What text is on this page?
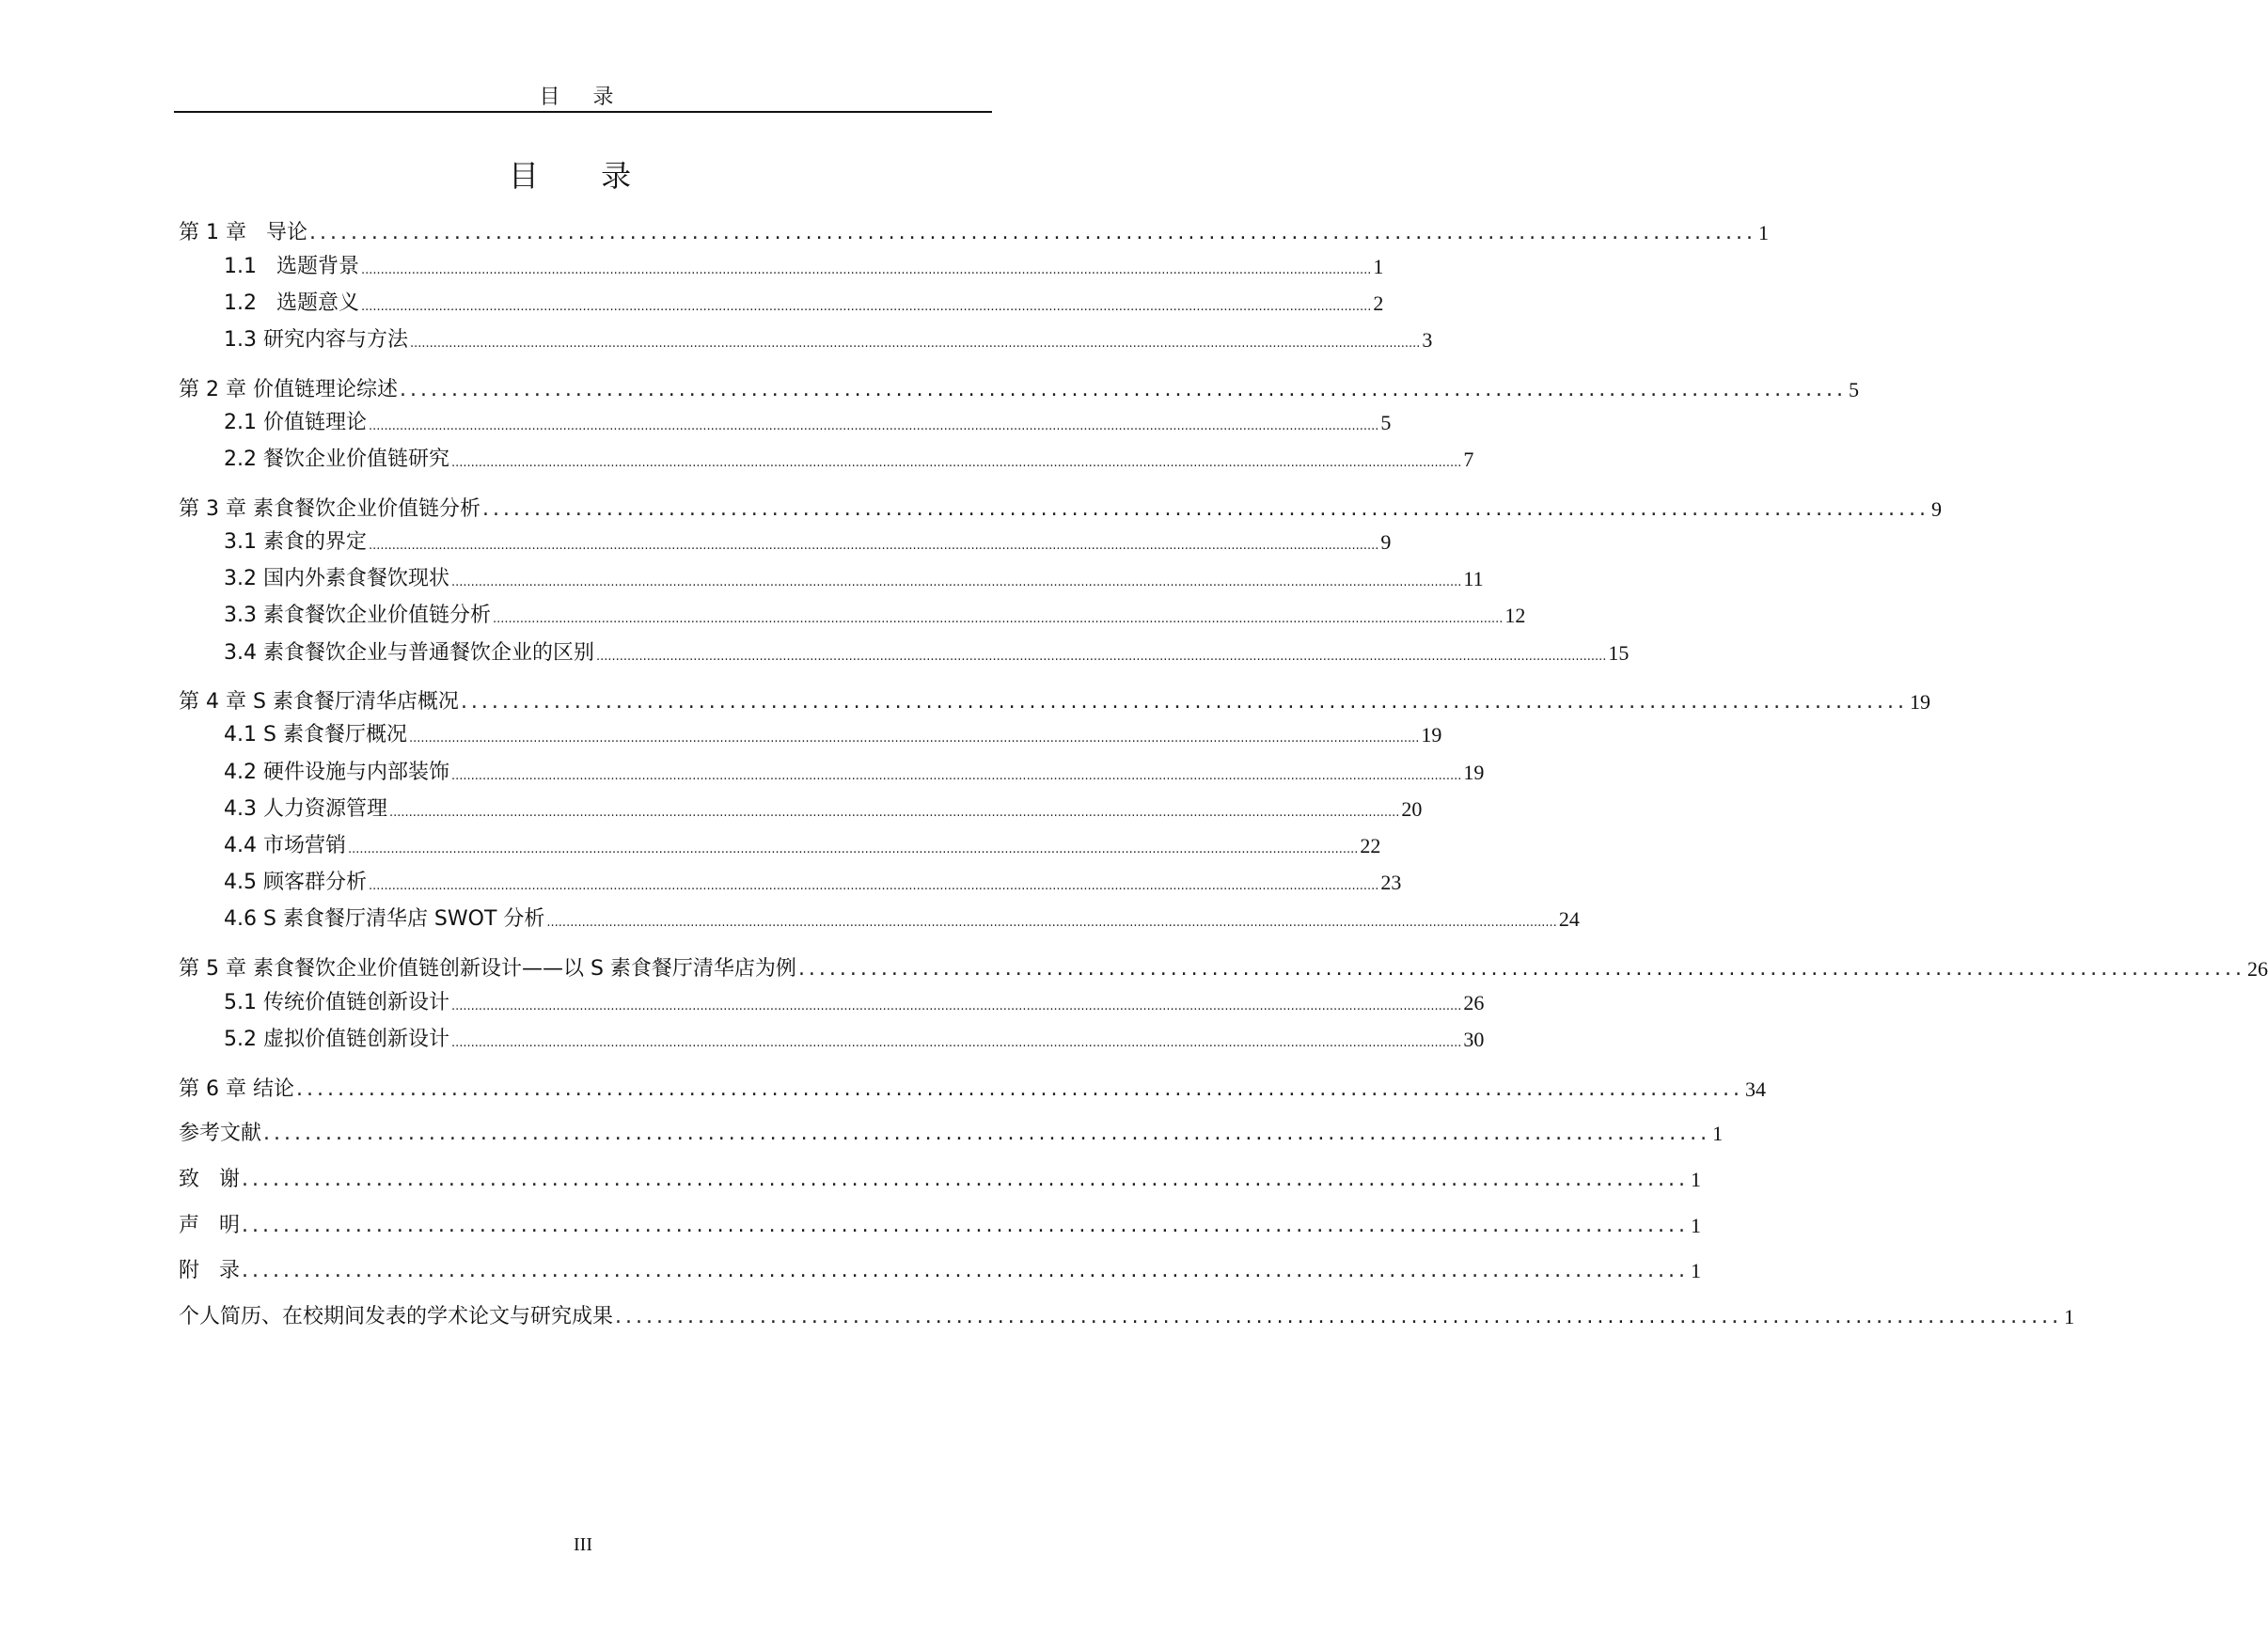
目 录
目 录
第 1 章   导论 ............................................................................................................................................ 1
1.1   选题背景 .................................................................................................................................................................................................................................................................... 1
1.2   选题意义 .................................................................................................................................................................................................................................................................... 2
1.3 研究内容与方法 .................................................................................................................................................................................................................................................................... 3
第 2 章 价值链理论综述 ............................................................................................................................................ 5
2.1 价值链理论 .................................................................................................................................................................................................................................................................... 5
2.2 餐饮企业价值链研究 .................................................................................................................................................................................................................................................................... 7
第 3 章 素食餐饮企业价值链分析 ............................................................................................................................................ 9
3.1 素食的界定 .................................................................................................................................................................................................................................................................... 9
3.2 国内外素食餐饮现状 .................................................................................................................................................................................................................................................................... 11
3.3 素食餐饮企业价值链分析 .................................................................................................................................................................................................................................................................... 12
3.4 素食餐饮企业与普通餐饮企业的区别 .................................................................................................................................................................................................................................................................... 15
第 4 章 S 素食餐厅清华店概况 ............................................................................................................................................ 19
4.1 S 素食餐厅概况 .................................................................................................................................................................................................................................................................... 19
4.2 硬件设施与内部装饰 .................................................................................................................................................................................................................................................................... 19
4.3 人力资源管理 .................................................................................................................................................................................................................................................................... 20
4.4 市场营销 .................................................................................................................................................................................................................................................................... 22
4.5 顾客群分析 .................................................................................................................................................................................................................................................................... 23
4.6 S 素食餐厅清华店 SWOT 分析 .................................................................................................................................................................................................................................................................... 24
第 5 章 素食餐饮企业价值链创新设计——以 S 素食餐厅清华店为例 ............................................................................................................................................ 26
5.1 传统价值链创新设计 .................................................................................................................................................................................................................................................................... 26
5.2 虚拟价值链创新设计 .................................................................................................................................................................................................................................................................... 30
第 6 章 结论 ............................................................................................................................................ 34
参考文献 ............................................................................................................................................ 1
致   谢 ............................................................................................................................................ 1
声   明 ............................................................................................................................................ 1
附   录 ............................................................................................................................................ 1
个人简历、在校期间发表的学术论文与研究成果 ............................................................................................................................................ 1
III
